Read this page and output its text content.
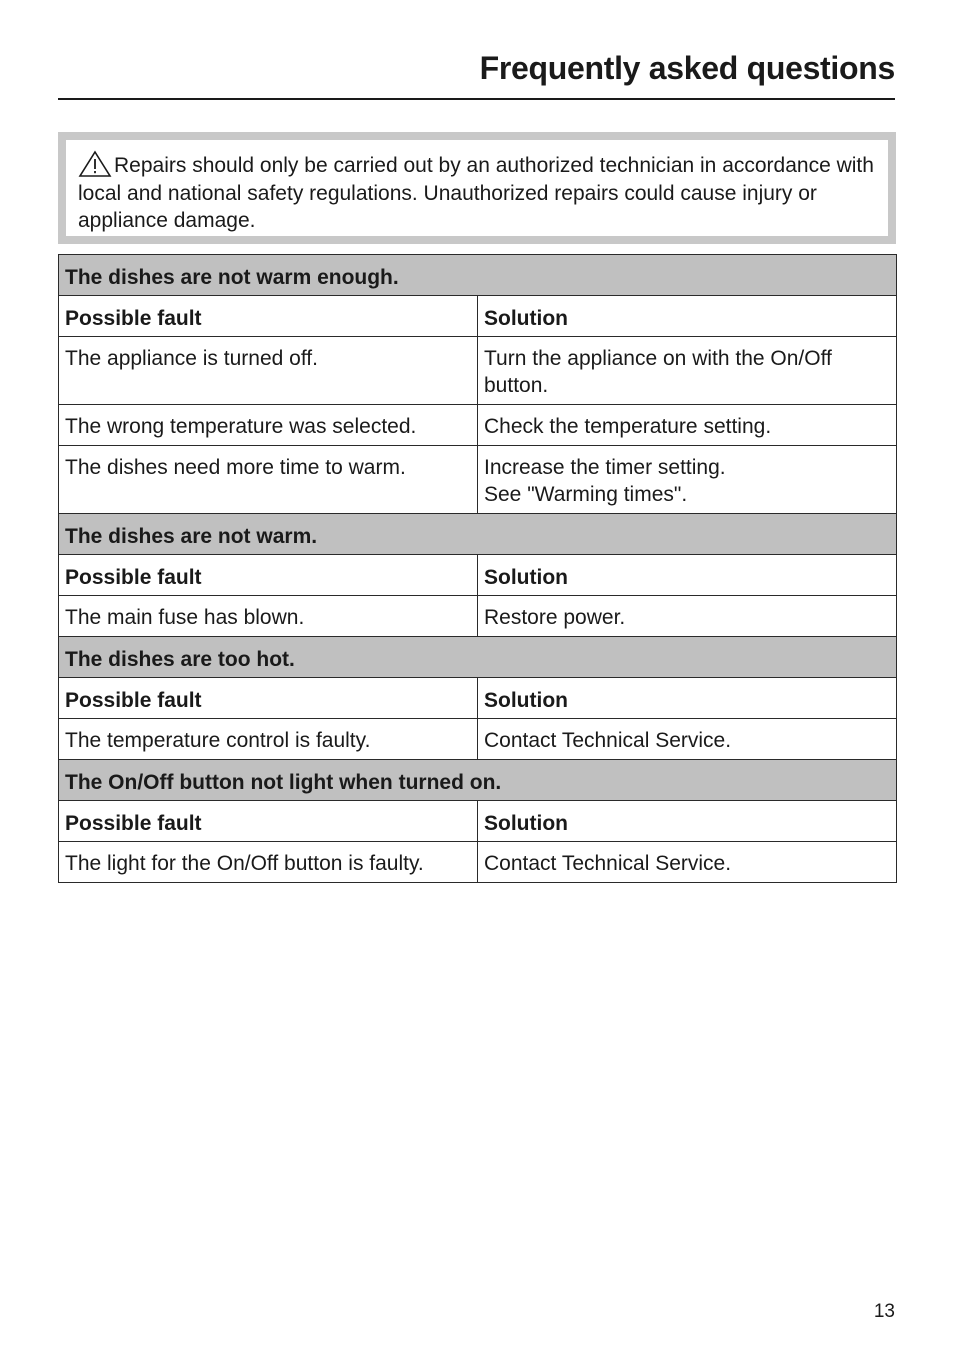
Frequently asked questions
Repairs should only be carried out by an authorized technician in accordance with local and national safety regulations. Unauthorized repairs could cause injury or appliance damage.
The dishes are not warm enough.	
Possible fault	Solution
The appliance is turned off.	Turn the appliance on with the On/Off
button.
The wrong temperature was selected.	Check the temperature setting.
The dishes need more time to warm.	Increase the timer setting.
See "Warming times".
The dishes are not warm.	
Possible fault	Solution
The main fuse has blown.	Restore power.
The dishes are too hot.	
Possible fault	Solution
The temperature control is faulty.	Contact Technical Service.
The On/Off button not light when turned on.	
Possible fault	Solution
The light for the On/Off button is faulty.	Contact Technical Service.
13
